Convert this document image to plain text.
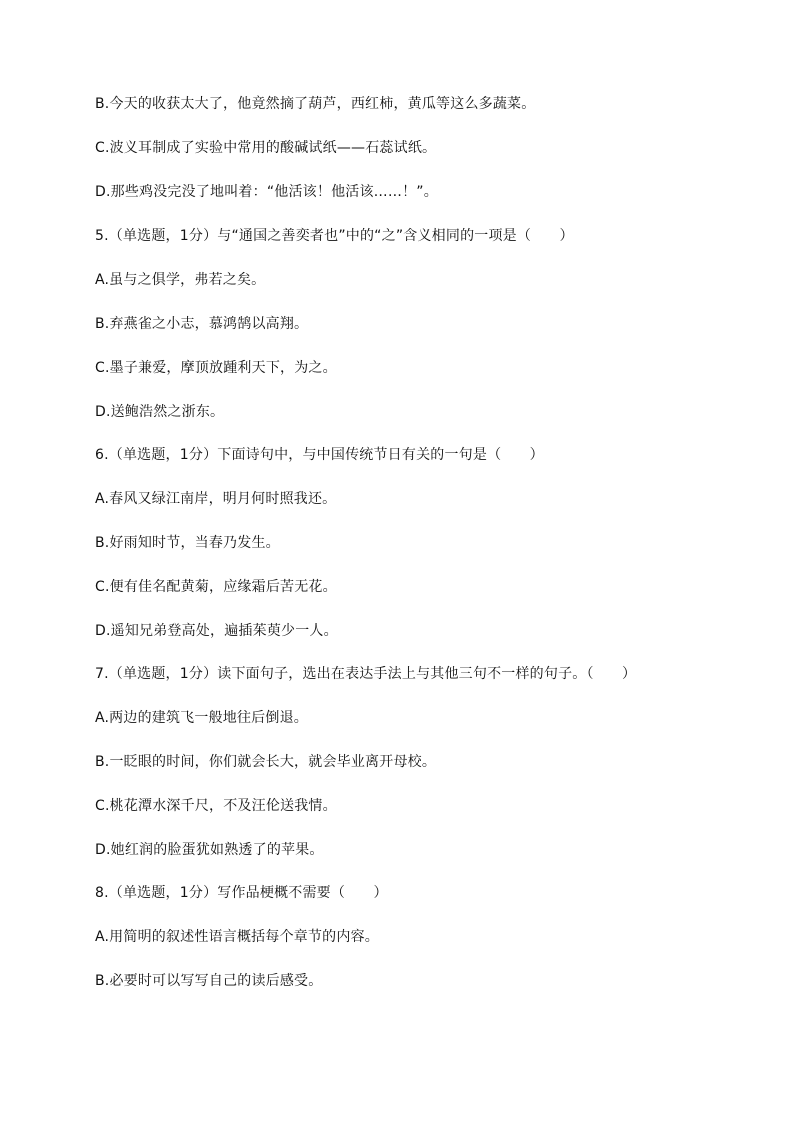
B.今天的收获太大了，他竟然摘了葫芦，西红柿，黄瓜等这么多蔬菜。
C.波义耳制成了实验中常用的酸碱试纸——石蕊试纸。
D.那些鸡没完没了地叫着：“他活该！他活该……！”。
5.（单选题，1分）与“通国之善奕者也”中的“之”含义相同的一项是（　　）
A.虽与之俱学，弗若之矣。
B.弃燕雀之小志，慕鸿鹄以高翔。
C.墨子兼爱，摩顶放踵利天下，为之。
D.送鲍浩然之浙东。
6.（单选题，1分）下面诗句中，与中国传统节日有关的一句是（　　）
A.春风又绿江南岸，明月何时照我还。
B.好雨知时节，当春乃发生。
C.便有佳名配黄菊，应缘霜后苦无花。
D.遥知兄弟登高处，遍插茱萸少一人。
7.（单选题，1分）读下面句子，选出在表达手法上与其他三句不一样的句子。（　　）
A.两边的建筑飞一般地往后倒退。
B.一眨眼的时间，你们就会长大，就会毕业离开母校。
C.桃花潭水深千尺，不及汪伦送我情。
D.她红润的脸蛋犹如熟透了的苹果。
8.（单选题，1分）写作品梗概不需要（　　）
A.用简明的叙述性语言概括每个章节的内容。
B.必要时可以写写自己的读后感受。
